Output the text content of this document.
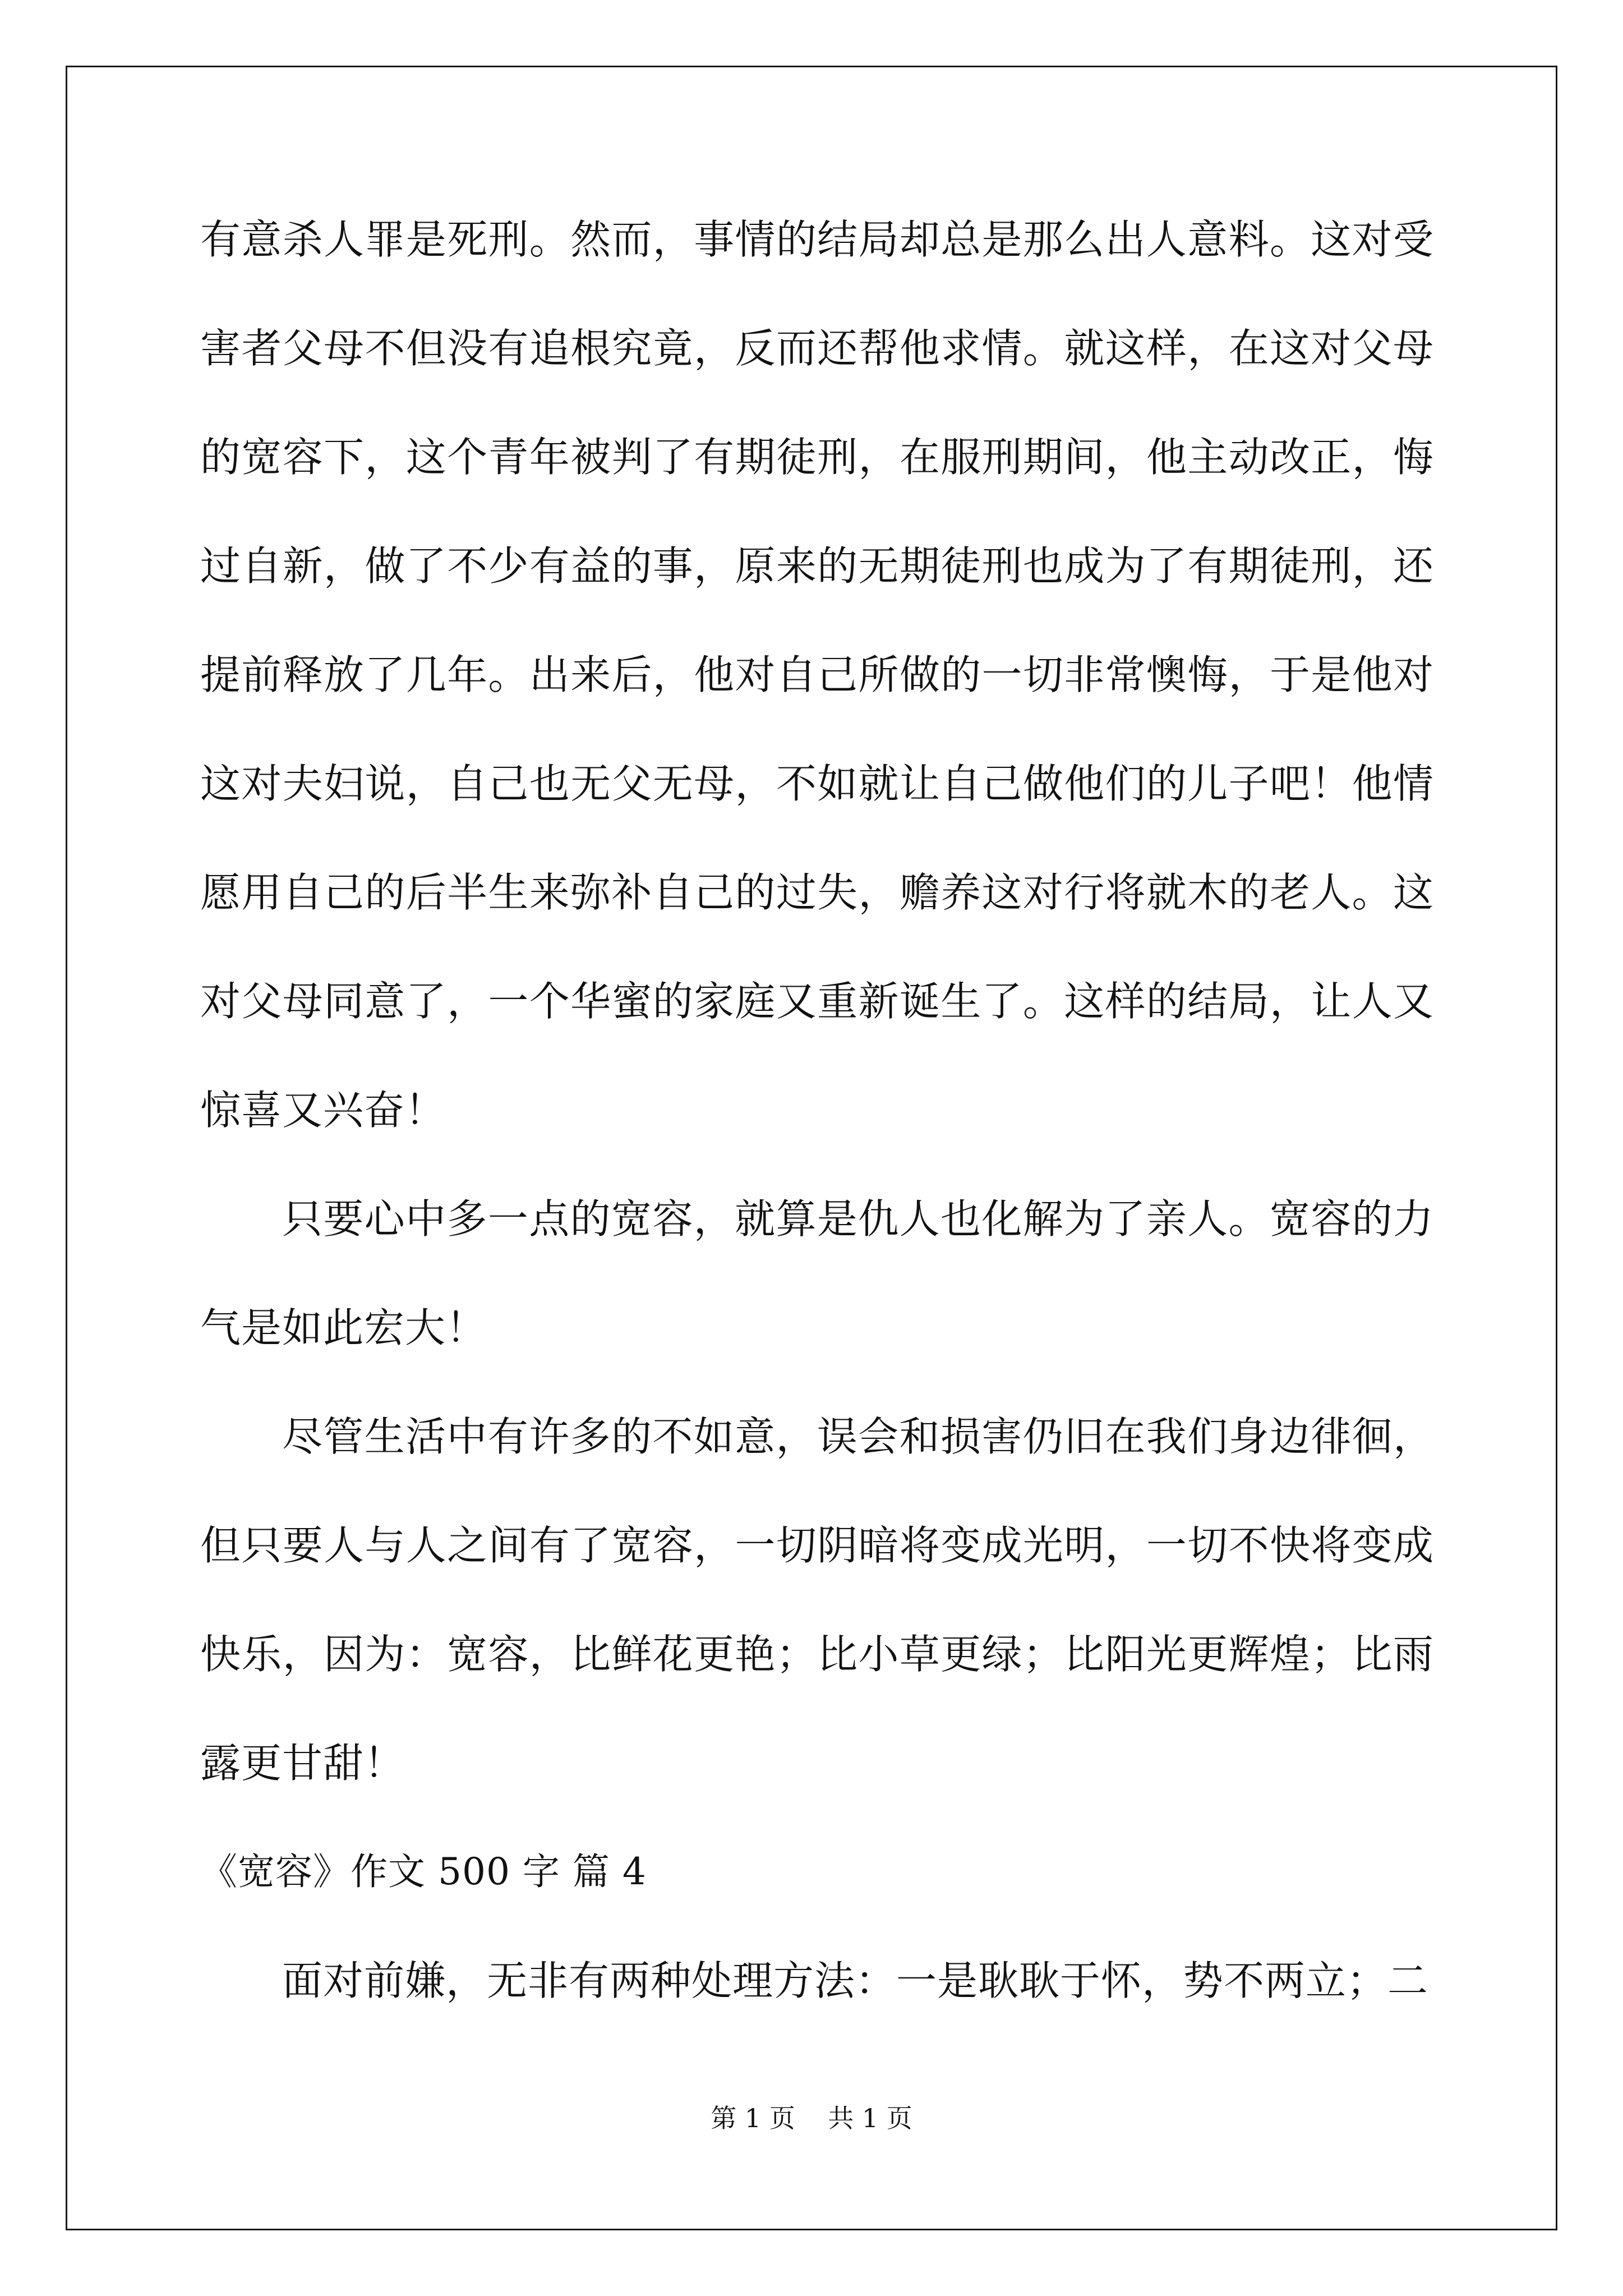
有意杀人罪是死刑。然而，事情的结局却总是那么出人意料。这对受害者父母不但没有追根究竟，反而还帮他求情。就这样，在这对父母的宽容下，这个青年被判了有期徒刑，在服刑期间，他主动改正，悔过自新，做了不少有益的事，原来的无期徒刑也成为了有期徒刑，还提前释放了几年。出来后，他对自己所做的一切非常懊悔，于是他对这对夫妇说，自己也无父无母，不如就让自己做他们的儿子吧！他情愿用自己的后半生来弥补自己的过失，赡养这对行将就木的老人。这对父母同意了，一个华蜜的家庭又重新诞生了。这样的结局，让人又惊喜又兴奋！

只要心中多一点的宽容，就算是仇人也化解为了亲人。宽容的力气是如此宏大！

尽管生活中有许多的不如意，误会和损害仍旧在我们身边徘徊，但只要人与人之间有了宽容，一切阴暗将变成光明，一切不快将变成快乐，因为：宽容，比鲜花更艳；比小草更绿；比阳光更辉煌；比雨露更甘甜！

《宽容》作文 500 字 篇 4

面对前嫌，无非有两种处理方法：一是耿耿于怀，势不两立；二

第 1 页    共 1 页
